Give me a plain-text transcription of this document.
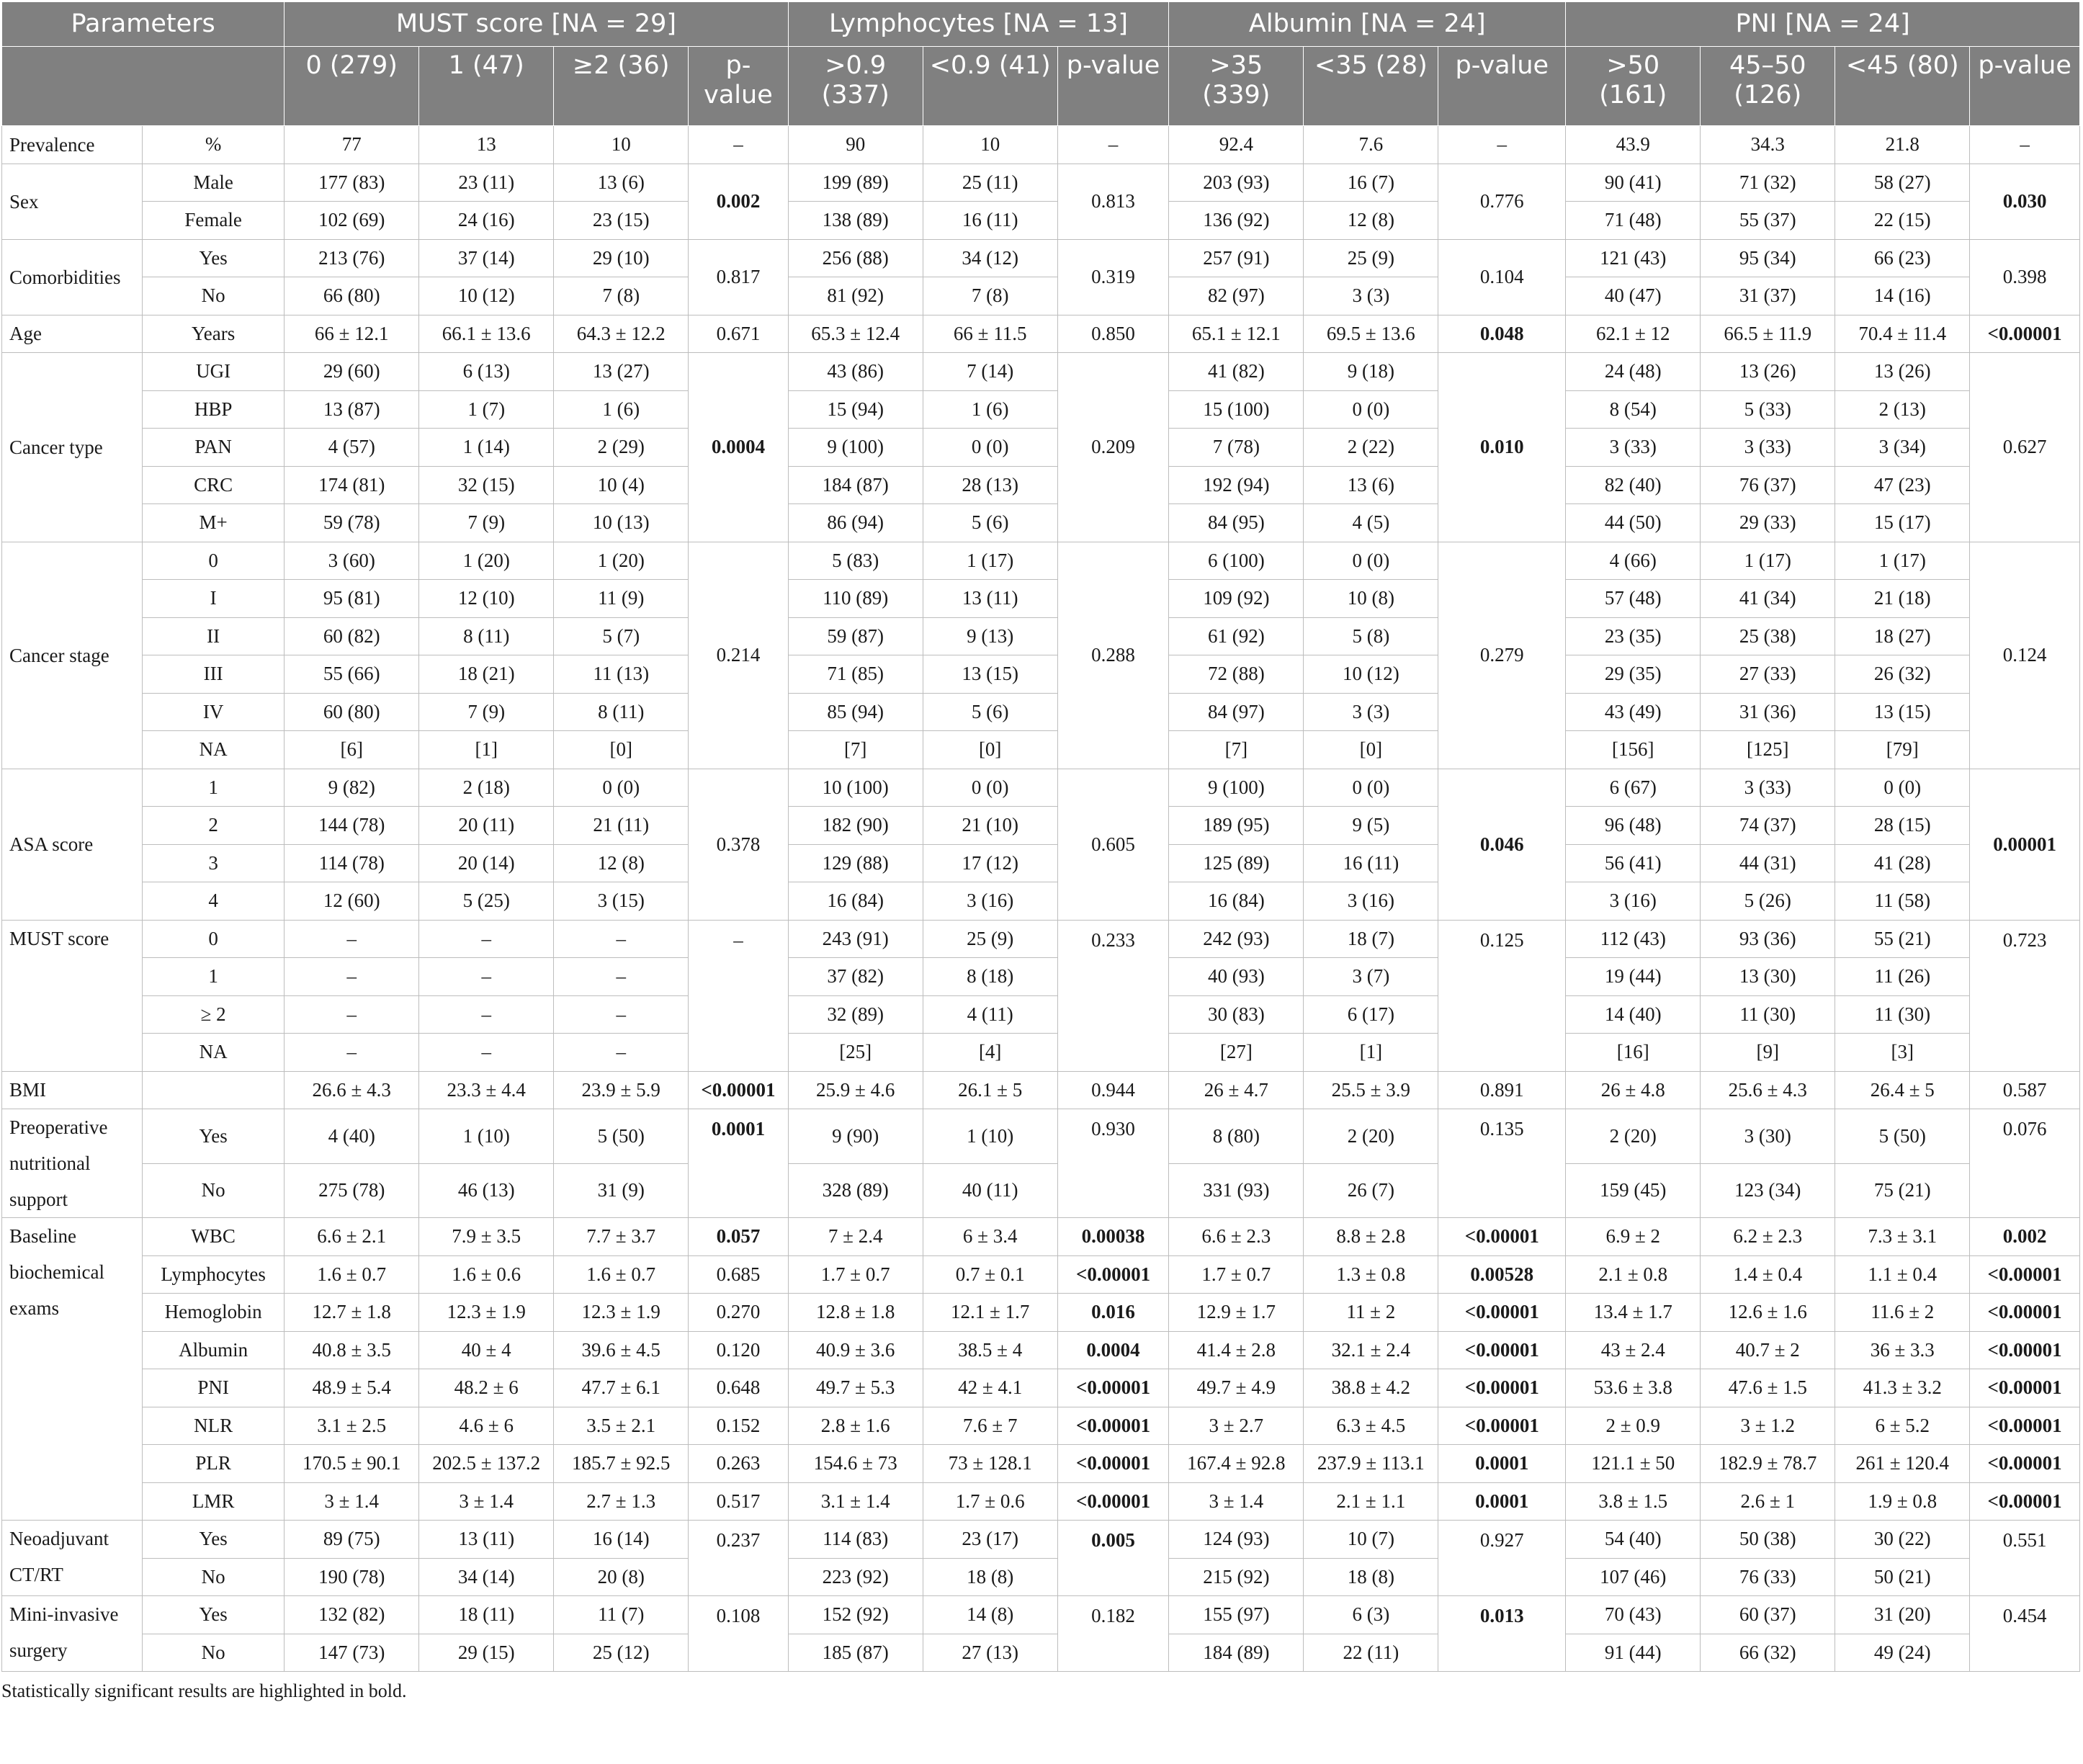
Parameters		MUST score [NA = 29]				Lymphocytes [NA = 13]			Albumin [NA = 24]			PNI [NA = 24]			
		0 (279)	1 (47)	≥2 (36)	p-value	>0.9 (337)	<0.9 (41)	p-value	>35 (339)	<35 (28)	p-value	>50 (161)	45–50 (126)	<45 (80)	p-value
Prevalence	%	77	13	10	–	90	10	–	92.4	7.6	–	43.9	34.3	21.8	–
Sex	Male	177 (83)	23 (11)	13 (6)	0.002	199 (89)	25 (11)	0.813	203 (93)	16 (7)	0.776	90 (41)	71 (32)	58 (27)	0.030
	Female	102 (69)	24 (16)	23 (15)		138 (89)	16 (11)		136 (92)	12 (8)		71 (48)	55 (37)	22 (15)	
Comorbidities	Yes	213 (76)	37 (14)	29 (10)	0.817	256 (88)	34 (12)	0.319	257 (91)	25 (9)	0.104	121 (43)	95 (34)	66 (23)	0.398
	No	66 (80)	10 (12)	7 (8)		81 (92)	7 (8)		82 (97)	3 (3)		40 (47)	31 (37)	14 (16)	
Age	Years	66 ± 12.1	66.1 ± 13.6	64.3 ± 12.2	0.671	65.3 ± 12.4	66 ± 11.5	0.850	65.1 ± 12.1	69.5 ± 13.6	0.048	62.1 ± 12	66.5 ± 11.9	70.4 ± 11.4	<0.00001
Cancer type	UGI	29 (60)	6 (13)	13 (27)	0.0004	43 (86)	7 (14)	0.209	41 (82)	9 (18)	0.010	24 (48)	13 (26)	13 (26)	0.627
	HBP	13 (87)	1 (7)	1 (6)		15 (94)	1 (6)		15 (100)	0 (0)		8 (54)	5 (33)	2 (13)	
	PAN	4 (57)	1 (14)	2 (29)		9 (100)	0 (0)		7 (78)	2 (22)		3 (33)	3 (33)	3 (34)	
	CRC	174 (81)	32 (15)	10 (4)		184 (87)	28 (13)		192 (94)	13 (6)		82 (40)	76 (37)	47 (23)	
	M+	59 (78)	7 (9)	10 (13)		86 (94)	5 (6)		84 (95)	4 (5)		44 (50)	29 (33)	15 (17)	
Cancer stage	0	3 (60)	1 (20)	1 (20)	0.214	5 (83)	1 (17)	0.288	6 (100)	0 (0)	0.279	4 (66)	1 (17)	1 (17)	0.124
	I	95 (81)	12 (10)	11 (9)		110 (89)	13 (11)		109 (92)	10 (8)		57 (48)	41 (34)	21 (18)	
	II	60 (82)	8 (11)	5 (7)		59 (87)	9 (13)		61 (92)	5 (8)		23 (35)	25 (38)	18 (27)	
	III	55 (66)	18 (21)	11 (13)		71 (85)	13 (15)		72 (88)	10 (12)		29 (35)	27 (33)	26 (32)	
	IV	60 (80)	7 (9)	8 (11)		85 (94)	5 (6)		84 (97)	3 (3)		43 (49)	31 (36)	13 (15)	
	NA	[6]	[1]	[0]		[7]	[0]		[7]	[0]		[156]	[125]	[79]	
ASA score	1	9 (82)	2 (18)	0 (0)	0.378	10 (100)	0 (0)	0.605	9 (100)	0 (0)	0.046	6 (67)	3 (33)	0 (0)	0.00001
	2	144 (78)	20 (11)	21 (11)		182 (90)	21 (10)		189 (95)	9 (5)		96 (48)	74 (37)	28 (15)	
	3	114 (78)	20 (14)	12 (8)		129 (88)	17 (12)		125 (89)	16 (11)		56 (41)	44 (31)	41 (28)	
	4	12 (60)	5 (25)	3 (15)		16 (84)	3 (16)		16 (84)	3 (16)		3 (16)	5 (26)	11 (58)	
MUST score	0	–	–	–	–	243 (91)	25 (9)	0.233	242 (93)	18 (7)	0.125	112 (43)	93 (36)	55 (21)	0.723
	1	–	–	–		37 (82)	8 (18)		40 (93)	3 (7)		19 (44)	13 (30)	11 (26)	
	≥ 2	–	–	–		32 (89)	4 (11)		30 (83)	6 (17)		14 (40)	11 (30)	11 (30)	
	NA	–	–	–		[25]	[4]		[27]	[1]		[16]	[9]	[3]	
BMI		26.6 ± 4.3	23.3 ± 4.4	23.9 ± 5.9	<0.00001	25.9 ± 4.6	26.1 ± 5	0.944	26 ± 4.7	25.5 ± 3.9	0.891	26 ± 4.8	25.6 ± 4.3	26.4 ± 5	0.587
Preoperative nutritional support	Yes	4 (40)	1 (10)	5 (50)	0.0001	9 (90)	1 (10)	0.930	8 (80)	2 (20)	0.135	2 (20)	3 (30)	5 (50)	0.076
	No	275 (78)	46 (13)	31 (9)		328 (89)	40 (11)		331 (93)	26 (7)		159 (45)	123 (34)	75 (21)	
Baseline biochemical exams	WBC	6.6 ± 2.1	7.9 ± 3.5	7.7 ± 3.7	0.057	7 ± 2.4	6 ± 3.4	0.00038	6.6 ± 2.3	8.8 ± 2.8	<0.00001	6.9 ± 2	6.2 ± 2.3	7.3 ± 3.1	0.002
	Lymphocytes	1.6 ± 0.7	1.6 ± 0.6	1.6 ± 0.7	0.685	1.7 ± 0.7	0.7 ± 0.1	<0.00001	1.7 ± 0.7	1.3 ± 0.8	0.00528	2.1 ± 0.8	1.4 ± 0.4	1.1 ± 0.4	<0.00001
	Hemoglobin	12.7 ± 1.8	12.3 ± 1.9	12.3 ± 1.9	0.270	12.8 ± 1.8	12.1 ± 1.7	0.016	12.9 ± 1.7	11 ± 2	<0.00001	13.4 ± 1.7	12.6 ± 1.6	11.6 ± 2	<0.00001
	Albumin	40.8 ± 3.5	40 ± 4	39.6 ± 4.5	0.120	40.9 ± 3.6	38.5 ± 4	0.0004	41.4 ± 2.8	32.1 ± 2.4	<0.00001	43 ± 2.4	40.7 ± 2	36 ± 3.3	<0.00001
	PNI	48.9 ± 5.4	48.2 ± 6	47.7 ± 6.1	0.648	49.7 ± 5.3	42 ± 4.1	<0.00001	49.7 ± 4.9	38.8 ± 4.2	<0.00001	53.6 ± 3.8	47.6 ± 1.5	41.3 ± 3.2	<0.00001
	NLR	3.1 ± 2.5	4.6 ± 6	3.5 ± 2.1	0.152	2.8 ± 1.6	7.6 ± 7	<0.00001	3 ± 2.7	6.3 ± 4.5	<0.00001	2 ± 0.9	3 ± 1.2	6 ± 5.2	<0.00001
	PLR	170.5 ± 90.1	202.5 ± 137.2	185.7 ± 92.5	0.263	154.6 ± 73	73 ± 128.1	<0.00001	167.4 ± 92.8	237.9 ± 113.1	0.0001	121.1 ± 50	182.9 ± 78.7	261 ± 120.4	<0.00001
	LMR	3 ± 1.4	3 ± 1.4	2.7 ± 1.3	0.517	3.1 ± 1.4	1.7 ± 0.6	<0.00001	3 ± 1.4	2.1 ± 1.1	0.0001	3.8 ± 1.5	2.6 ± 1	1.9 ± 0.8	<0.00001
Neoadjuvant CT/RT	Yes	89 (75)	13 (11)	16 (14)	0.237	114 (83)	23 (17)	0.005	124 (93)	10 (7)	0.927	54 (40)	50 (38)	30 (22)	0.551
	No	190 (78)	34 (14)	20 (8)		223 (92)	18 (8)		215 (92)	18 (8)		107 (46)	76 (33)	50 (21)	
Mini-invasive surgery	Yes	132 (82)	18 (11)	11 (7)	0.108	152 (92)	14 (8)	0.182	155 (97)	6 (3)	0.013	70 (43)	60 (37)	31 (20)	0.454
	No	147 (73)	29 (15)	25 (12)		185 (87)	27 (13)		184 (89)	22 (11)		91 (44)	66 (32)	49 (24)	
Statistically significant results are highlighted in bold.
